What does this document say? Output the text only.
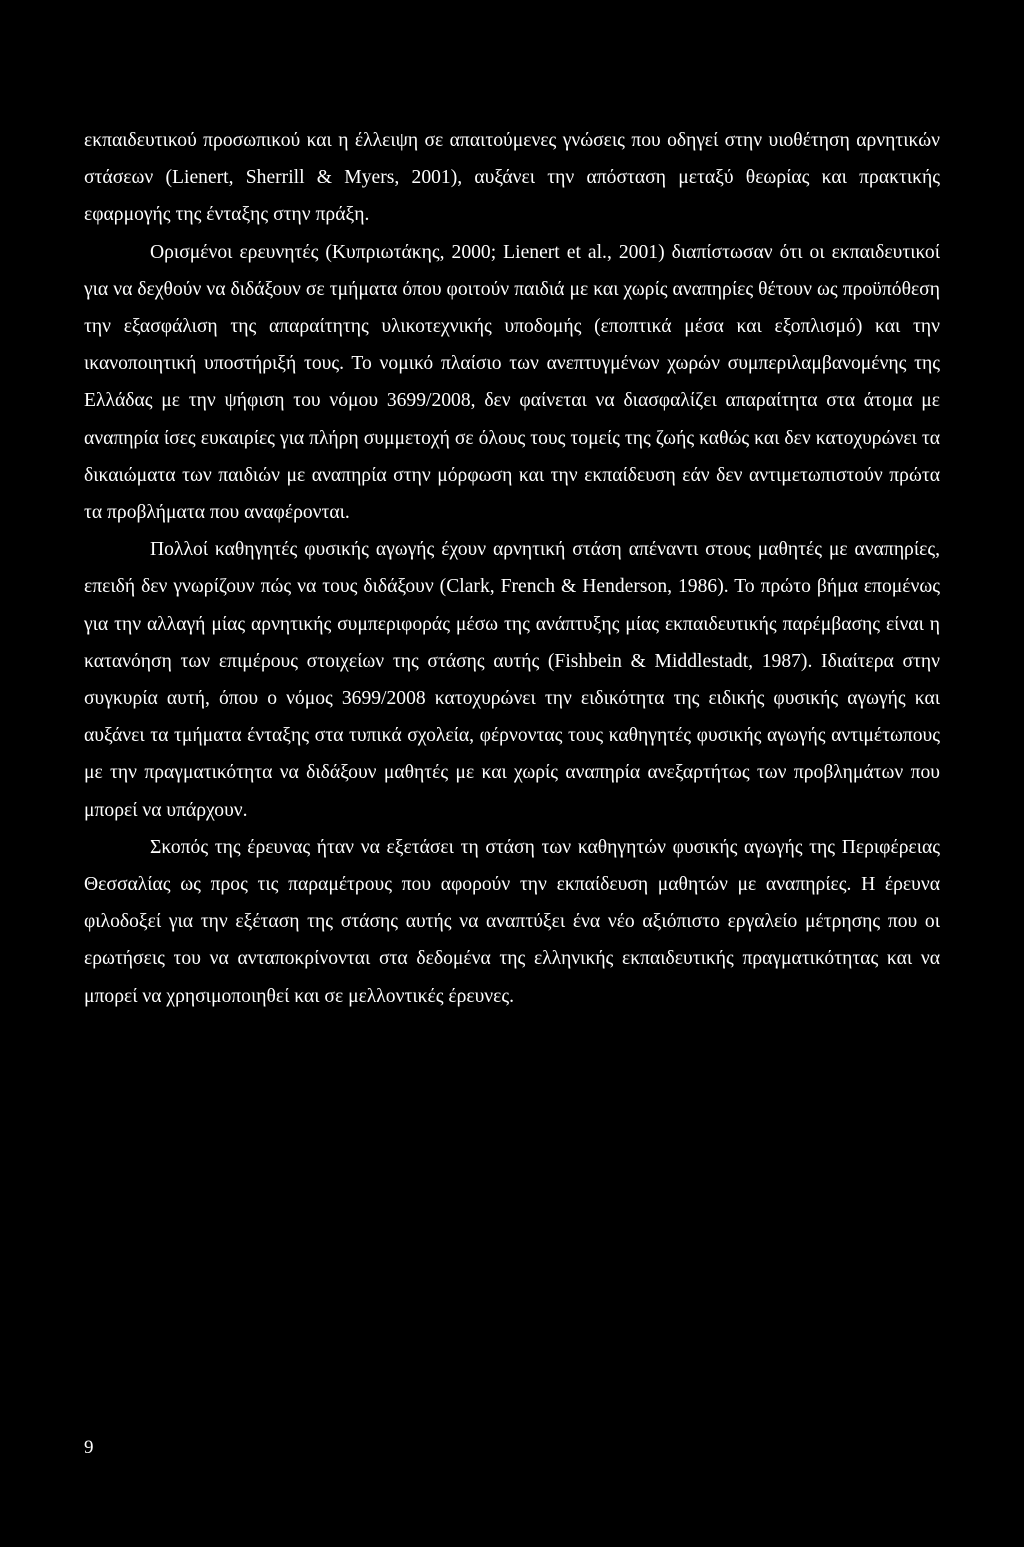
εκπαιδευτικού προσωπικού και η έλλειψη σε απαιτούμενες γνώσεις που οδηγεί στην υιοθέτηση αρνητικών στάσεων (Lienert, Sherrill & Myers, 2001), αυξάνει την απόσταση μεταξύ θεωρίας και πρακτικής εφαρμογής της ένταξης στην πράξη.

Ορισμένοι ερευνητές (Κυπριωτάκης, 2000; Lienert et al., 2001) διαπίστωσαν ότι οι εκπαιδευτικοί για να δεχθούν να διδάξουν σε τμήματα όπου φοιτούν παιδιά με και χωρίς αναπηρίες θέτουν ως προϋπόθεση την εξασφάλιση της απαραίτητης υλικοτεχνικής υποδομής (εποπτικά μέσα και εξοπλισμό) και την ικανοποιητική υποστήριξή τους. Το νομικό πλαίσιο των ανεπτυγμένων χωρών συμπεριλαμβανομένης της Ελλάδας με την ψήφιση του νόμου 3699/2008, δεν φαίνεται να διασφαλίζει απαραίτητα στα άτομα με αναπηρία ίσες ευκαιρίες για πλήρη συμμετοχή σε όλους τους τομείς της ζωής καθώς και δεν κατοχυρώνει τα δικαιώματα των παιδιών με αναπηρία στην μόρφωση και την εκπαίδευση εάν δεν αντιμετωπιστούν πρώτα τα προβλήματα που αναφέρονται.

Πολλοί καθηγητές φυσικής αγωγής έχουν αρνητική στάση απέναντι στους μαθητές με αναπηρίες, επειδή δεν γνωρίζουν πώς να τους διδάξουν (Clark, French & Henderson, 1986). Το πρώτο βήμα επομένως για την αλλαγή μίας αρνητικής συμπεριφοράς μέσω της ανάπτυξης μίας εκπαιδευτικής παρέμβασης είναι η κατανόηση των επιμέρους στοιχείων της στάσης αυτής (Fishbein & Middlestadt, 1987). Ιδιαίτερα στην συγκυρία αυτή, όπου ο νόμος 3699/2008 κατοχυρώνει την ειδικότητα της ειδικής φυσικής αγωγής και αυξάνει τα τμήματα ένταξης στα τυπικά σχολεία, φέρνοντας τους καθηγητές φυσικής αγωγής αντιμέτωπους με την πραγματικότητα να διδάξουν μαθητές με και χωρίς αναπηρία ανεξαρτήτως των προβλημάτων που μπορεί να υπάρχουν.

Σκοπός της έρευνας ήταν να εξετάσει τη στάση των καθηγητών φυσικής αγωγής της Περιφέρειας Θεσσαλίας ως προς τις παραμέτρους που αφορούν την εκπαίδευση μαθητών με αναπηρίες. Η έρευνα φιλοδοξεί για την εξέταση της στάσης αυτής να αναπτύξει ένα νέο αξιόπιστο εργαλείο μέτρησης που οι ερωτήσεις του να ανταποκρίνονται στα δεδομένα της ελληνικής εκπαιδευτικής πραγματικότητας και να μπορεί να χρησιμοποιηθεί και σε μελλοντικές έρευνες.

9
